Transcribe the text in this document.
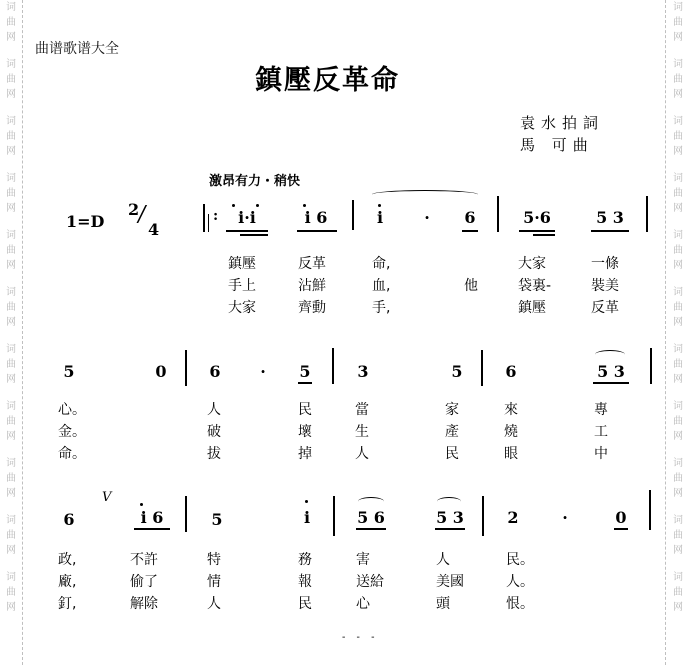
词
曲
网
词
曲
网
词
曲
网
词
曲
网
词
曲
网
词
曲
网
词
曲
网
词
曲
网
词
曲
网
词
曲
网
词
曲
网
词
曲
网
词
曲
网
词
曲
网
词
曲
网
词
曲
网
词
曲
网
词
曲
网
词
曲
网
词
曲
网
词
曲
网
词
曲
网
曲谱歌谱大全
鎮壓反革命
袁水拍詞
馬 可曲
激昂有力・稍快
1=D
2
/
4
:	i·i	i 6	i	· 6	5·6	5 3
鎮壓	反革	命,	大家	一條
手上	沾鮮	血,	他	袋裏-	裝美
大家	齊動	手,	鎮壓	反革
5	0	6 · 5	3	5	6	5 3
心。	人	民	當	家	來	專
金。	破	壞	生	產	燒	工
命。	拔	掉	人	民	眼	中
6
V
i 6	5	i	5 6	5 3	2	·	0
政,	不許	特	務	害	人	民。
廠,	偷了	情	報	送給	美國	人。
釘,	解除	人	民	心	頭	恨。
- - -
